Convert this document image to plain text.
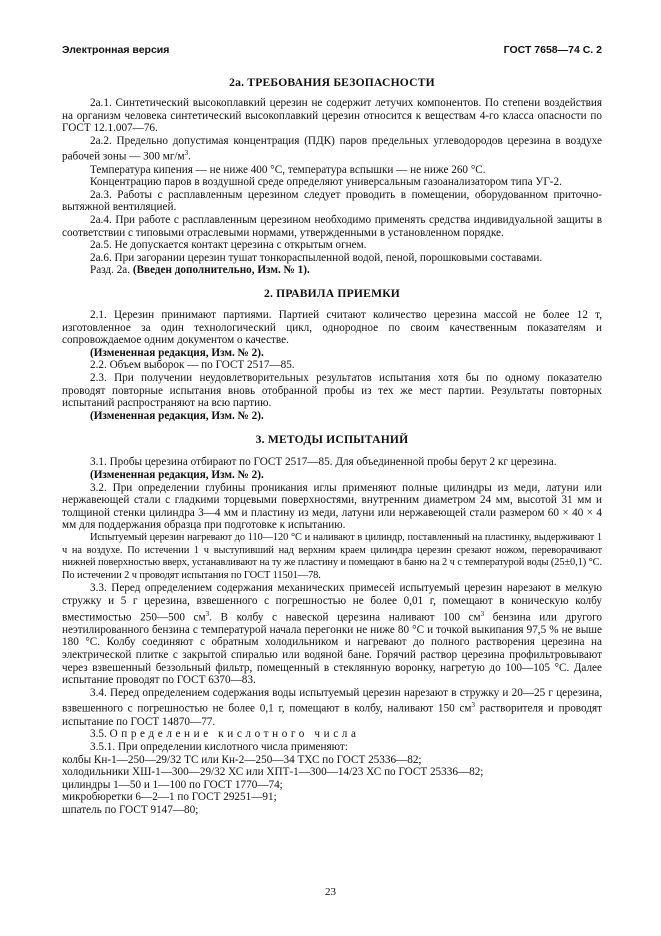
Электронная версия	ГОСТ 7658—74 С. 2
2а. ТРЕБОВАНИЯ БЕЗОПАСНОСТИ

2а.1. Синтетический высокоплавкий церезин не содержит летучих компонентов. По степени воздействия на организм человека синтетический высокоплавкий церезин относится к веществам 4-го класса опасности по ГОСТ 12.1.007—76.

2а.2. Предельно допустимая концентрация (ПДК) паров предельных углеводородов церезина в воздухе рабочей зоны — 300 $мг/м^3$.

Температура кипения — не ниже 400 °С, температура вспышки — не ниже 260 °С.

Концентрацию паров в воздушной среде определяют универсальным газоанализатором типа УГ-2.

2а.3. Работы с расплавленным церезином следует проводить в помещении, оборудованном приточно-вытяжной вентиляцией.

2а.4. При работе с расплавленным церезином необходимо применять средства индивидуальной защиты в соответствии с типовыми отраслевыми нормами, утвержденными в установленном порядке.

2а.5. Не допускается контакт церезина с открытым огнем.

2а.6. При загорании церезин тушат тонкораспыленной водой, пеной, порошковыми составами.

Разд. 2а. (Введен дополнительно, Изм. № 1).

2. ПРАВИЛА ПРИЕМКИ

2.1. Церезин принимают партиями. Партией считают количество церезина массой не более 12 т, изготовленное за один технологический цикл, однородное по своим качественным показателям и сопровождаемое одним документом о качестве.

(Измененная редакция, Изм. № 2).

2.2. Объем выборок — по ГОСТ 2517—85.

2.3. При получении неудовлетворительных результатов испытания хотя бы по одному показателю проводят повторные испытания вновь отобранной пробы из тех же мест партии. Результаты повторных испытаний распространяют на всю партию.

(Измененная редакция, Изм. № 2).

3. МЕТОДЫ ИСПЫТАНИЙ

3.1. Пробы церезина отбирают по ГОСТ 2517—85. Для объединенной пробы берут 2 кг церезина.

(Измененная редакция, Изм. № 2).

3.2. При определении глубины проникания иглы применяют полные цилиндры из меди, латуни или нержавеющей стали с гладкими торцевыми поверхностями, внутренним диаметром 24 мм, высотой 31 мм и толщиной стенки цилиндра 3—4 мм и пластину из меди, латуни или нержавеющей стали размером 60 × 40 × 4 мм для поддержания образца при подготовке к испытанию.

Испытуемый церезин нагревают до 110—120 °С и наливают в цилиндр, поставленный на пластинку, выдерживают 1 ч на воздухе. По истечении 1 ч выступивший над верхним краем цилиндра церезин срезают ножом, переворачивают нижней поверхностью вверх, устанавливают на ту же пластину и помещают в баню на 2 ч с температурой воды (25±0,1) °С. По истечении 2 ч проводят испытания по ГОСТ 11501—78.

3.3. Перед определением содержания механических примесей испытуемый церезин нарезают в мелкую стружку и 5 г церезина, взвешенного с погрешностью не более 0,01 г, помещают в коническую колбу вместимостью 250—500 $см^3$. В колбу с навеской церезина наливают 100 $см^3$ бензина или другого неэтилированного бензина с температурой начала перегонки не ниже 80 °С и точкой выкипания 97,5 % не выше 180 °С. Колбу соединяют с обратным холодильником и нагревают до полного растворения церезина на электрической плитке с закрытой спиралью или водяной бане. Горячий раствор церезина профильтровывают через взвешенный беззольный фильтр, помещенный в стеклянную воронку, нагретую до 100—105 °С. Далее испытание проводят по ГОСТ 6370—83.

3.4. Перед определением содержания воды испытуемый церезин нарезают в стружку и 20—25 г церезина, взвешенного с погрешностью не более 0,1 г, помещают в колбу, наливают 150 $см^3$ растворителя и проводят испытание по ГОСТ 14870—77.

3.5. Определение кислотного числа

3.5.1. При определении кислотного числа применяют:

колбы Кн-1—250—29/32 ТС или Кн-2—250—34 ТХС по ГОСТ 25336—82;

холодильники ХШ-1—300—29/32 ХС или ХПТ-1—300—14/23 ХС по ГОСТ 25336—82;

цилиндры 1—50 и 1—100 по ГОСТ 1770—74;

микробюретки 6—2—1 по ГОСТ 29251—91;

шпатель по ГОСТ 9147—80;

23
